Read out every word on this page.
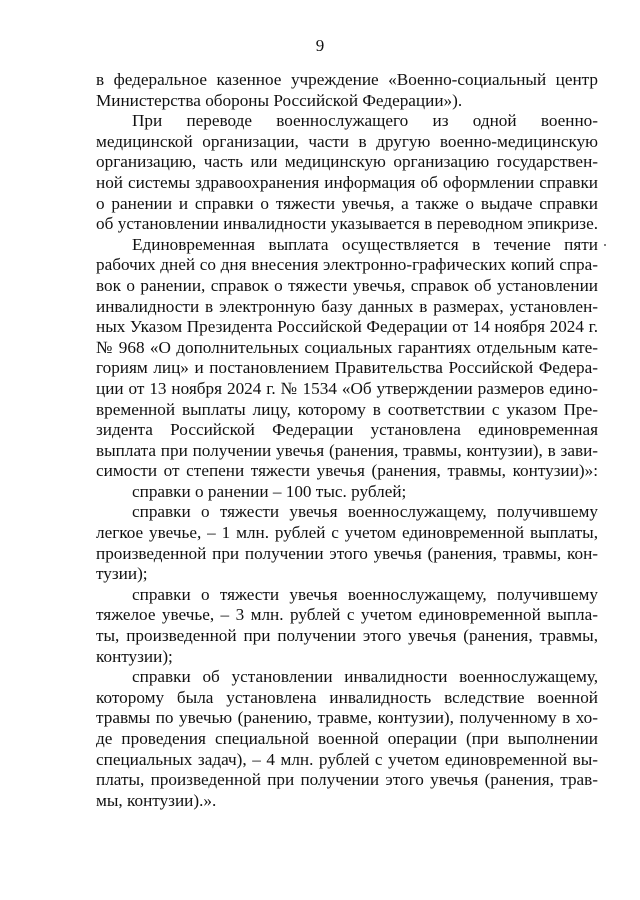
9
в федеральное казенное учреждение «Военно-социальный центр
Министерства обороны Российской Федерации»).
При переводе военнослужащего из одной военно-
медицинской организации, части в другую военно-медицинскую
организацию, часть или медицинскую организацию государствен-
ной системы здравоохранения информация об оформлении справки
о ранении и справки о тяжести увечья, а также о выдаче справки
об установлении инвалидности указывается в переводном эпикризе.
Единовременная выплата осуществляется в течение пяти
рабочих дней со дня внесения электронно-графических копий спра-
вок о ранении, справок о тяжести увечья, справок об установлении
инвалидности в электронную базу данных в размерах, установлен-
ных Указом Президента Российской Федерации от 14 ноября 2024 г.
№ 968 «О дополнительных социальных гарантиях отдельным кате-
гориям лиц» и постановлением Правительства Российской Федера-
ции от 13 ноября 2024 г. № 1534 «Об утверждении размеров едино-
временной выплаты лицу, которому в соответствии с указом Пре-
зидента Российской Федерации установлена единовременная
выплата при получении увечья (ранения, травмы, контузии), в зави-
симости от степени тяжести увечья (ранения, травмы, контузии)»:
справки о ранении – 100 тыс. рублей;
справки о тяжести увечья военнослужащему, получившему
легкое увечье, – 1 млн. рублей с учетом единовременной выплаты,
произведенной при получении этого увечья (ранения, травмы, кон-
тузии);
справки о тяжести увечья военнослужащему, получившему
тяжелое увечье, – 3 млн. рублей с учетом единовременной выпла-
ты, произведенной при получении этого увечья (ранения, травмы,
контузии);
справки об установлении инвалидности военнослужащему,
которому была установлена инвалидность вследствие военной
травмы по увечью (ранению, травме, контузии), полученному в хо-
де проведения специальной военной операции (при выполнении
специальных задач), – 4 млн. рублей с учетом единовременной вы-
платы, произведенной при получении этого увечья (ранения, трав-
мы, контузии).».
